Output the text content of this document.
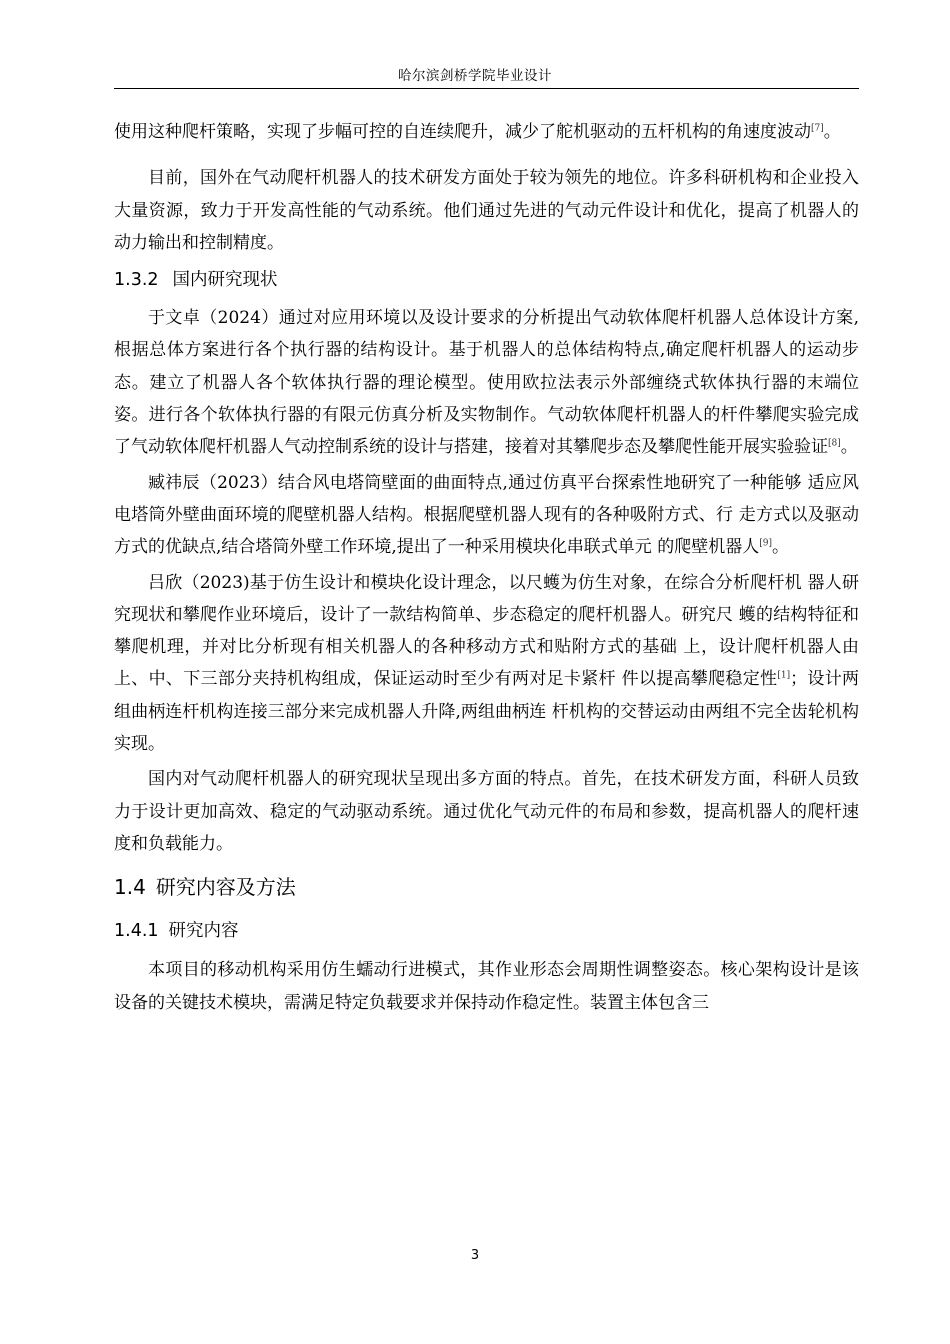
哈尔滨剑桥学院毕业设计

使用这种爬杆策略，实现了步幅可控的自连续爬升，减少了舵机驱动的五杆机构的角速度波动[7]。

目前，国外在气动爬杆机器人的技术研发方面处于较为领先的地位。许多科研机构和企业投入大量资源，致力于开发高性能的气动系统。他们通过先进的气动元件设计和优化，提高了机器人的动力输出和控制精度。

1.3.2 国内研究现状

于文卓（2024）通过对应用环境以及设计要求的分析提出气动软体爬杆机器人总体设计方案,根据总体方案进行各个执行器的结构设计。基于机器人的总体结构特点,确定爬杆机器人的运动步态。建立了机器人各个软体执行器的理论模型。使用欧拉法表示外部缠绕式软体执行器的末端位姿。进行各个软体执行器的有限元仿真分析及实物制作。气动软体爬杆机器人的杆件攀爬实验完成了气动软体爬杆机器人气动控制系统的设计与搭建，接着对其攀爬步态及攀爬性能开展实验验证[8]。

臧祎辰（2023）结合风电塔筒壁面的曲面特点,通过仿真平台探索性地研究了一种能够 适应风电塔筒外壁曲面环境的爬壁机器人结构。根据爬壁机器人现有的各种吸附方式、行 走方式以及驱动方式的优缺点,结合塔筒外壁工作环境,提出了一种采用模块化串联式单元 的爬壁机器人[9]。

吕欣（2023)基于仿生设计和模块化设计理念，以尺蠖为仿生对象，在综合分析爬杆机 器人研究现状和攀爬作业环境后，设计了一款结构简单、步态稳定的爬杆机器人。研究尺 蠖的结构特征和攀爬机理，并对比分析现有相关机器人的各种移动方式和贴附方式的基础 上，设计爬杆机器人由上、中、下三部分夹持机构组成，保证运动时至少有两对足卡紧杆 件以提高攀爬稳定性[1]；设计两组曲柄连杆机构连接三部分来完成机器人升降,两组曲柄连 杆机构的交替运动由两组不完全齿轮机构实现。

国内对气动爬杆机器人的研究现状呈现出多方面的特点。首先，在技术研发方面，科研人员致力于设计更加高效、稳定的气动驱动系统。通过优化气动元件的布局和参数，提高机器人的爬杆速度和负载能力。

1.4 研究内容及方法
1.4.1 研究内容

本项目的移动机构采用仿生蠕动行进模式，其作业形态会周期性调整姿态。核心架构设计是该设备的关键技术模块，需满足特定负载要求并保持动作稳定性。装置主体包含三

3
